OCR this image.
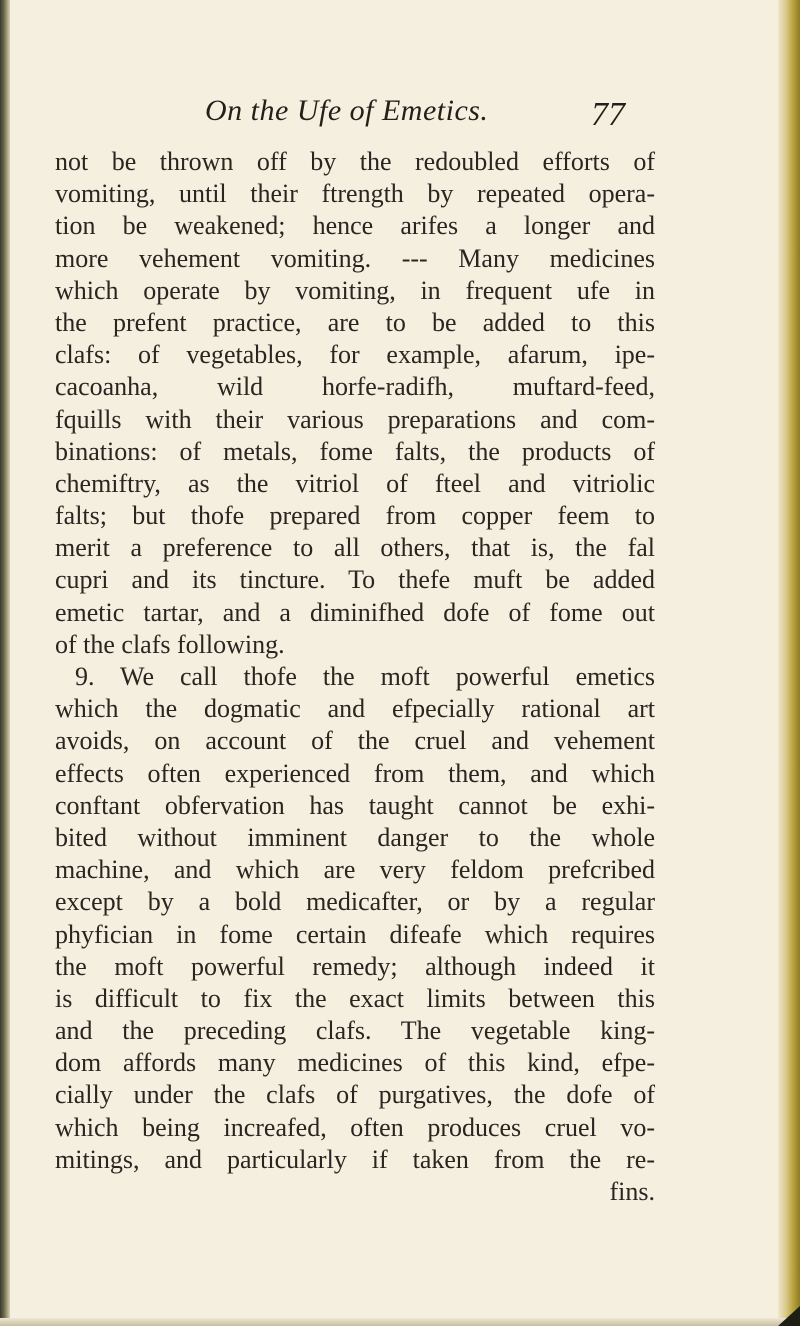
On the Ufe of Emetics.	77
not be thrown off by the redoubled efforts of
vomiting, until their ftrength by repeated opera-
tion be weakened; hence arifes a longer and
more vehement vomiting. --- Many medicines
which operate by vomiting, in frequent ufe in
the prefent practice, are to be added to this
clafs: of vegetables, for example, afarum, ipe-
cacoanha, wild horfe-radifh, muftard-feed,
fquills with their various preparations and com-
binations: of metals, fome falts, the products of
chemiftry, as the vitriol of fteel and vitriolic
falts; but thofe prepared from copper feem to
merit a preference to all others, that is, the fal
cupri and its tincture. To thefe muft be added
emetic tartar, and a diminifhed dofe of fome out
of the clafs following.
9. We call thofe the moft powerful emetics
which the dogmatic and efpecially rational art
avoids, on account of the cruel and vehement
effects often experienced from them, and which
conftant obfervation has taught cannot be exhi-
bited without imminent danger to the whole
machine, and which are very feldom prefcribed
except by a bold medicafter, or by a regular
phyfician in fome certain difeafe which requires
the moft powerful remedy; although indeed it
is difficult to fix the exact limits between this
and the preceding clafs. The vegetable king-
dom affords many medicines of this kind, efpe-
cially under the clafs of purgatives, the dofe of
which being increafed, often produces cruel vo-
mitings, and particularly if taken from the re-
fins.
